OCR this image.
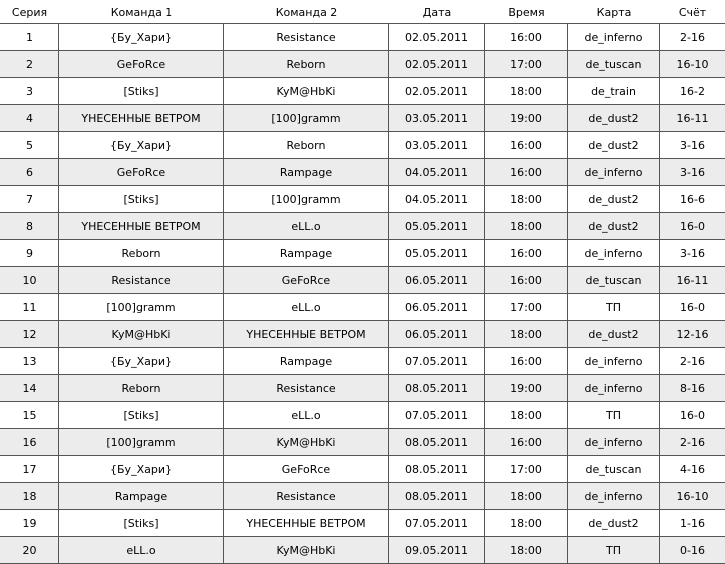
Серия	Команда 1	Команда 2	Дата	Время	Карта	Счёт
1	{Бу_Хари}	Resistance	02.05.2011	16:00	de_inferno	2-16
2	GeFoRce	Reborn	02.05.2011	17:00	de_tuscan	16-10
3	[Stiks]	KyM@HbKi	02.05.2011	18:00	de_train	16-2
4	YHECEHHЫE BETPOM	[100]gramm	03.05.2011	19:00	de_dust2	16-11
5	{Бу_Хари}	Reborn	03.05.2011	16:00	de_dust2	3-16
6	GeFoRce	Rampage	04.05.2011	16:00	de_inferno	3-16
7	[Stiks]	[100]gramm	04.05.2011	18:00	de_dust2	16-6
8	YHECEHHЫE BETPOM	eLL.o	05.05.2011	18:00	de_dust2	16-0
9	Reborn	Rampage	05.05.2011	16:00	de_inferno	3-16
10	Resistance	GeFoRce	06.05.2011	16:00	de_tuscan	16-11
11	[100]gramm	eLL.o	06.05.2011	17:00	ТП	16-0
12	KyM@HbKi	YHECEHHЫE BETPOM	06.05.2011	18:00	de_dust2	12-16
13	{Бу_Хари}	Rampage	07.05.2011	16:00	de_inferno	2-16
14	Reborn	Resistance	08.05.2011	19:00	de_inferno	8-16
15	[Stiks]	eLL.o	07.05.2011	18:00	ТП	16-0
16	[100]gramm	KyM@HbKi	08.05.2011	16:00	de_inferno	2-16
17	{Бу_Хари}	GeFoRce	08.05.2011	17:00	de_tuscan	4-16
18	Rampage	Resistance	08.05.2011	18:00	de_inferno	16-10
19	[Stiks]	YHECEHHЫE BETPOM	07.05.2011	18:00	de_dust2	1-16
20	eLL.o	KyM@HbKi	09.05.2011	18:00	ТП	0-16
